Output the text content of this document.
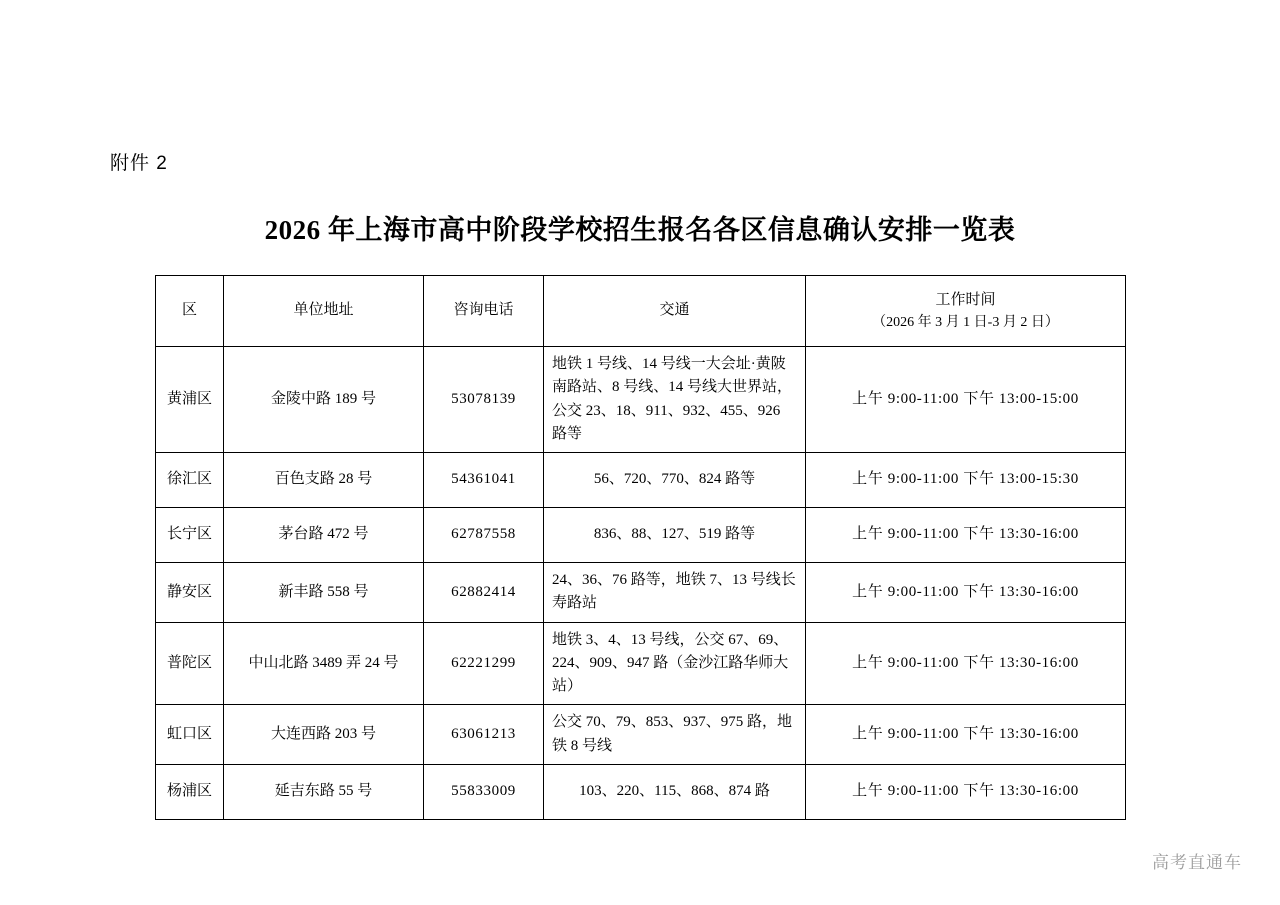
附件 2
2026 年上海市高中阶段学校招生报名各区信息确认安排一览表
区	单位地址	咨询电话	交通	工作时间
（2026 年 3 月 1 日-3 月 2 日）

黄浦区	金陵中路 189 号	53078139	地铁 1 号线、14 号线一大会址·黄陂南路站、8 号线、14 号线大世界站，公交 23、18、911、932、455、926 路等	上午 9:00-11:00 下午 13:00-15:00
徐汇区	百色支路 28 号	54361041	56、720、770、824 路等	上午 9:00-11:00 下午 13:00-15:30
长宁区	茅台路 472 号	62787558	836、88、127、519 路等	上午 9:00-11:00 下午 13:30-16:00
静安区	新丰路 558 号	62882414	24、36、76 路等，地铁 7、13 号线长寿路站	上午 9:00-11:00 下午 13:30-16:00
普陀区	中山北路 3489 弄 24 号	62221299	地铁 3、4、13 号线，公交 67、69、224、909、947 路（金沙江路华师大站）	上午 9:00-11:00 下午 13:30-16:00
虹口区	大连西路 203 号	63061213	公交 70、79、853、937、975 路，地铁 8 号线	上午 9:00-11:00 下午 13:30-16:00
杨浦区	延吉东路 55 号	55833009	103、220、115、868、874 路	上午 9:00-11:00 下午 13:30-16:00
高考直通车
